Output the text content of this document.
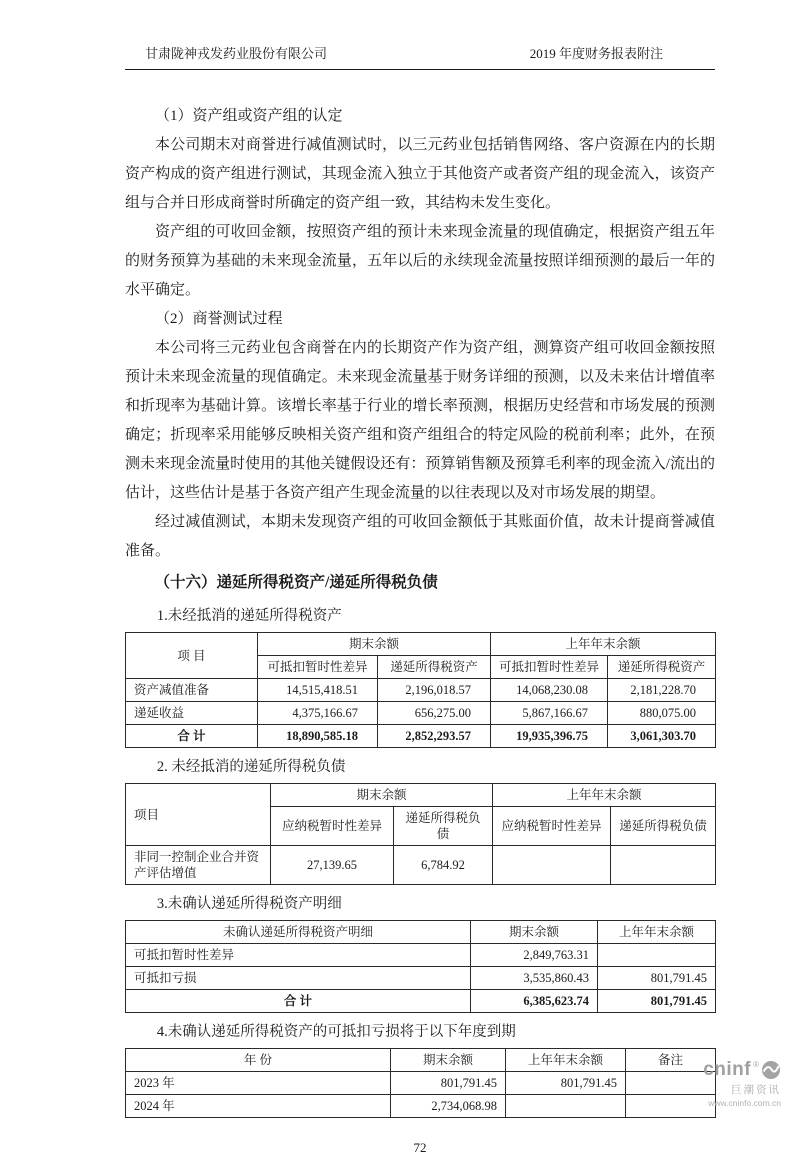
甘肃陇神戎发药业股份有限公司	2019 年度财务报表附注

（1）资产组或资产组的认定

本公司期末对商誉进行减值测试时，以三元药业包括销售网络、客户资源在内的长期资产构成的资产组进行测试，其现金流入独立于其他资产或者资产组的现金流入，该资产组与合并日形成商誉时所确定的资产组一致，其结构未发生变化。

资产组的可收回金额，按照资产组的预计未来现金流量的现值确定，根据资产组五年的财务预算为基础的未来现金流量，五年以后的永续现金流量按照详细预测的最后一年的水平确定。

（2）商誉测试过程

本公司将三元药业包含商誉在内的长期资产作为资产组，测算资产组可收回金额按照预计未来现金流量的现值确定。未来现金流量基于财务详细的预测，以及未来估计增值率和折现率为基础计算。该增长率基于行业的增长率预测，根据历史经营和市场发展的预测确定；折现率采用能够反映相关资产组和资产组组合的特定风险的税前利率；此外，在预测未来现金流量时使用的其他关键假设还有：预算销售额及预算毛利率的现金流入/流出的估计，这些估计是基于各资产组产生现金流量的以往表现以及对市场发展的期望。

经过减值测试，本期未发现资产组的可收回金额低于其账面价值，故未计提商誉减值准备。

（十六）递延所得税资产/递延所得税负债

1.未经抵消的递延所得税资产

项 目	期末余额		上年年末余额	
	可抵扣暂时性差异	递延所得税资产	可抵扣暂时性差异	递延所得税资产
资产减值准备	14,515,418.51	2,196,018.57	14,068,230.08	2,181,228.70
递延收益	4,375,166.67	656,275.00	5,867,166.67	880,075.00
合 计	18,890,585.18	2,852,293.57	19,935,396.75	3,061,303.70

2. 未经抵消的递延所得税负债

项目	期末余额		上年年末余额	
	应纳税暂时性差异	递延所得税负债	应纳税暂时性差异	递延所得税负债
非同一控制企业合并资产评估增值	27,139.65	6,784.92		

3.未确认递延所得税资产明细

未确认递延所得税资产明细	期末余额	上年年末余额
可抵扣暂时性差异	2,849,763.31	
可抵扣亏损	3,535,860.43	801,791.45
合 计	6,385,623.74	801,791.45

4.未确认递延所得税资产的可抵扣亏损将于以下年度到期

年 份	期末余额	上年年末余额	备注
2023 年	801,791.45	801,791.45	
2024 年	2,734,068.98		
72
cninf ®
巨潮资讯
www.cninfo.com.cn
